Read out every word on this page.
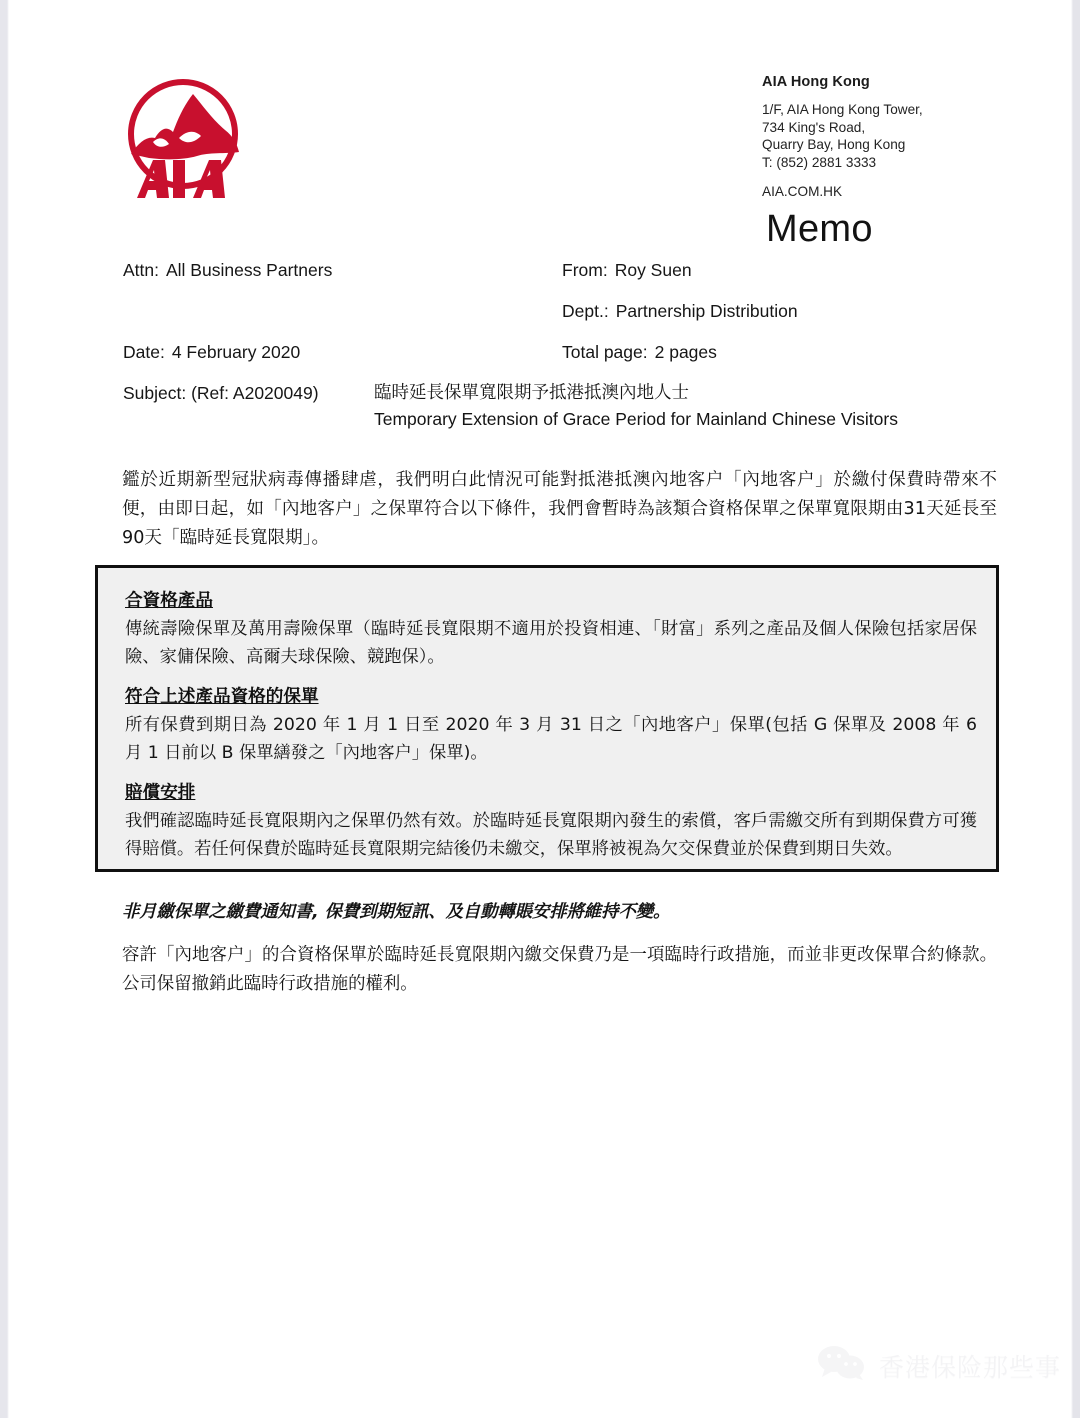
AIA Hong Kong
1/F, AIA Hong Kong Tower,
734 King's Road,
Quarry Bay, Hong Kong
T: (852) 2881 3333
AIA.COM.HK
Memo
Attn: All Business Partners	From: Roy Suen
Dept.: Partnership Distribution
Date: 4 February 2020	Total page: 2 pages
Subject: (Ref: A2020049)	臨時延長保單寬限期予抵港抵澳內地人士
Temporary Extension of Grace Period for Mainland Chinese Visitors
鑑於近期新型冠狀病毒傳播肆虐，我們明白此情況可能對抵港抵澳內地客户「內地客户」於繳付保費時帶來不便，由即日起，如「內地客户」之保單符合以下條件，我們會暫時為該類合資格保單之保單寬限期由31天延長至90天「臨時延長寬限期」。
合資格產品
傳統壽險保單及萬用壽險保單（臨時延長寬限期不適用於投資相連、「財富」系列之產品及個人保險包括家居保險、家傭保險、高爾夫球保險、競跑保）。
符合上述產品資格的保單
所有保費到期日為 2020 年 1 月 1 日至 2020 年 3 月 31 日之「內地客户」保單(包括 G 保單及 2008 年 6 月 1 日前以 B 保單繕發之「內地客户」保單)。
賠償安排
我們確認臨時延長寬限期內之保單仍然有效。於臨時延長寬限期內發生的索償，客戶需繳交所有到期保費方可獲得賠償。若任何保費於臨時延長寬限期完結後仍未繳交，保單將被視為欠交保費並於保費到期日失效。
非月繳保單之繳費通知書, 保費到期短訊、及自動轉賬安排將維持不變。
容許「內地客户」的合資格保單於臨時延長寬限期內繳交保費乃是一項臨時行政措施，而並非更改保單合約條款。公司保留撤銷此臨時行政措施的權利。
香港保险那些事
